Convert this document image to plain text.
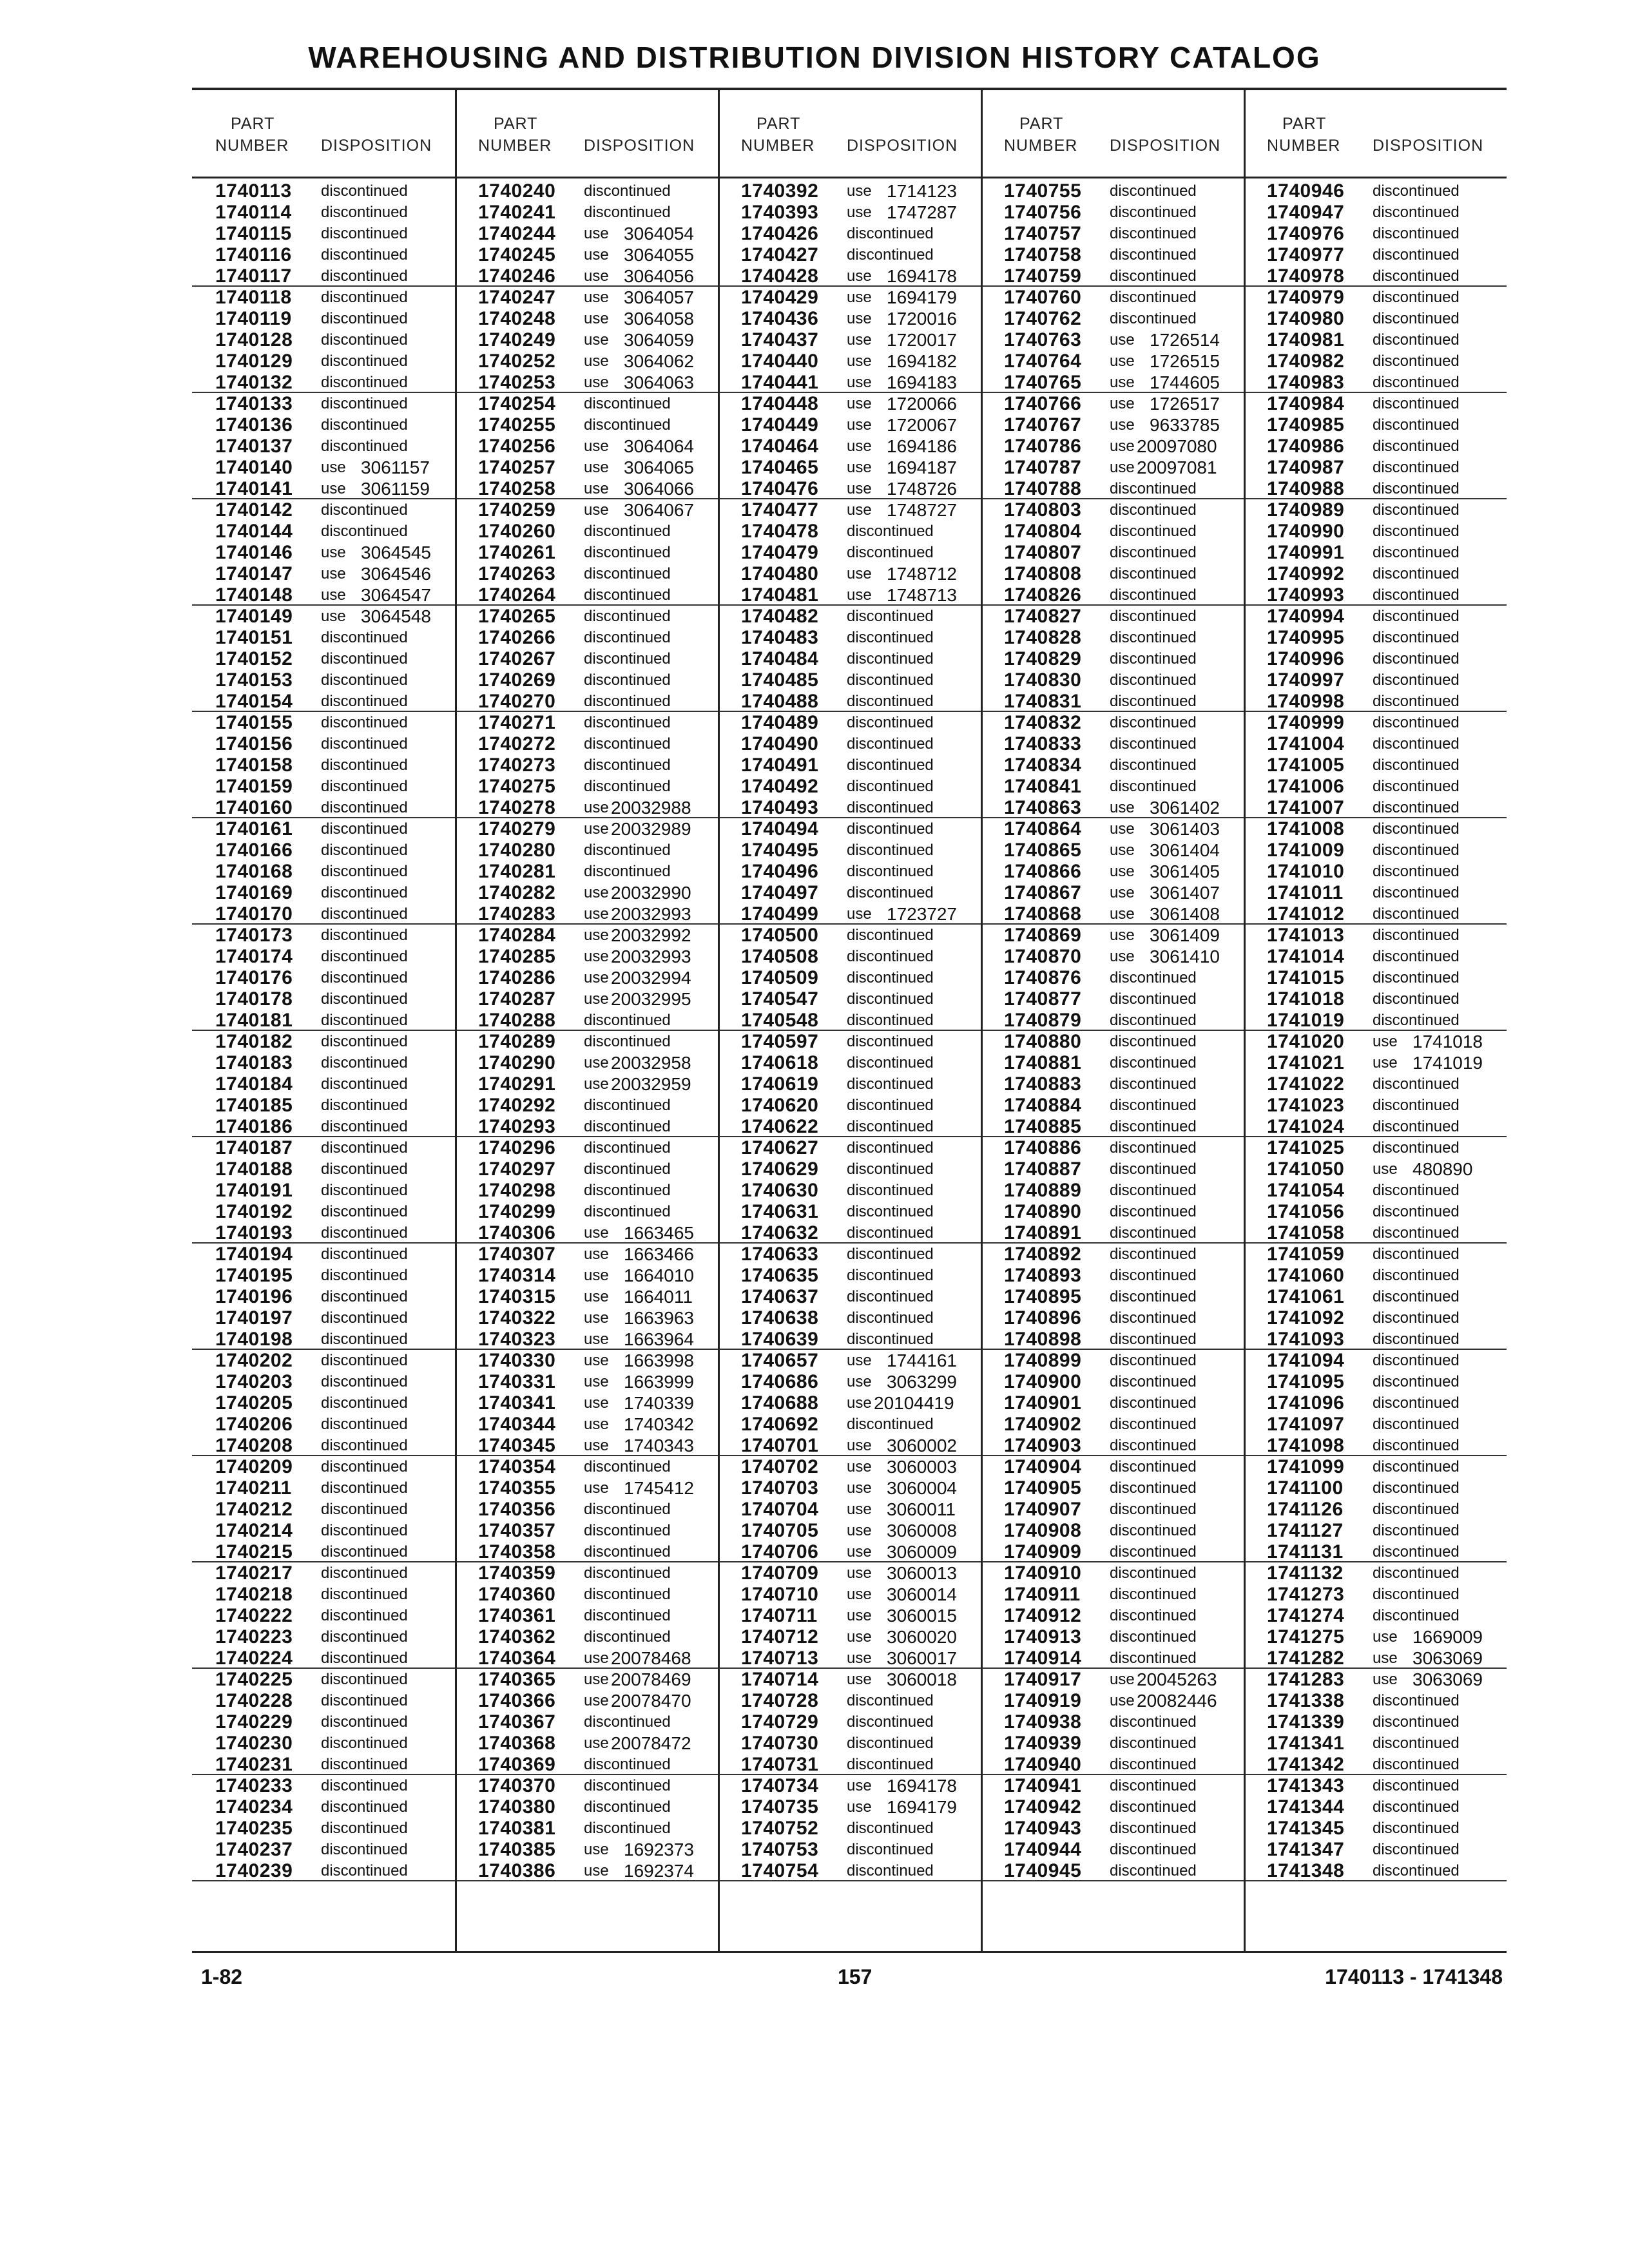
WAREHOUSING AND DISTRIBUTION DIVISION HISTORY CATALOG
PART
NUMBER DISPOSITION
1740113 discontinued
1740114 discontinued
1740115 discontinued
1740116 discontinued
1740117 discontinued
1740118 discontinued
1740119 discontinued
1740128 discontinued
1740129 discontinued
1740132 discontinued
1740133 discontinued
1740136 discontinued
1740137 discontinued
1740140 use 3061157
1740141 use 3061159
1740142 discontinued
1740144 discontinued
1740146 use 3064545
1740147 use 3064546
1740148 use 3064547
1740149 use 3064548
1740151 discontinued
1740152 discontinued
1740153 discontinued
1740154 discontinued
1740155 discontinued
1740156 discontinued
1740158 discontinued
1740159 discontinued
1740160 discontinued
1740161 discontinued
1740166 discontinued
1740168 discontinued
1740169 discontinued
1740170 discontinued
1740173 discontinued
1740174 discontinued
1740176 discontinued
1740178 discontinued
1740181 discontinued
1740182 discontinued
1740183 discontinued
1740184 discontinued
1740185 discontinued
1740186 discontinued
1740187 discontinued
1740188 discontinued
1740191 discontinued
1740192 discontinued
1740193 discontinued
1740194 discontinued
1740195 discontinued
1740196 discontinued
1740197 discontinued
1740198 discontinued
1740202 discontinued
1740203 discontinued
1740205 discontinued
1740206 discontinued
1740208 discontinued
1740209 discontinued
1740211 discontinued
1740212 discontinued
1740214 discontinued
1740215 discontinued
1740217 discontinued
1740218 discontinued
1740222 discontinued
1740223 discontinued
1740224 discontinued
1740225 discontinued
1740228 discontinued
1740229 discontinued
1740230 discontinued
1740231 discontinued
1740233 discontinued
1740234 discontinued
1740235 discontinued
1740237 discontinued
1740239 discontinued
PART
NUMBER DISPOSITION
1740240 discontinued
1740241 discontinued
1740244 use 3064054
1740245 use 3064055
1740246 use 3064056
1740247 use 3064057
1740248 use 3064058
1740249 use 3064059
1740252 use 3064062
1740253 use 3064063
1740254 discontinued
1740255 discontinued
1740256 use 3064064
1740257 use 3064065
1740258 use 3064066
1740259 use 3064067
1740260 discontinued
1740261 discontinued
1740263 discontinued
1740264 discontinued
1740265 discontinued
1740266 discontinued
1740267 discontinued
1740269 discontinued
1740270 discontinued
1740271 discontinued
1740272 discontinued
1740273 discontinued
1740275 discontinued
1740278 use 20032988
1740279 use 20032989
1740280 discontinued
1740281 discontinued
1740282 use 20032990
1740283 use 20032993
1740284 use 20032992
1740285 use 20032993
1740286 use 20032994
1740287 use 20032995
1740288 discontinued
1740289 discontinued
1740290 use 20032958
1740291 use 20032959
1740292 discontinued
1740293 discontinued
1740296 discontinued
1740297 discontinued
1740298 discontinued
1740299 discontinued
1740306 use 1663465
1740307 use 1663466
1740314 use 1664010
1740315 use 1664011
1740322 use 1663963
1740323 use 1663964
1740330 use 1663998
1740331 use 1663999
1740341 use 1740339
1740344 use 1740342
1740345 use 1740343
1740354 discontinued
1740355 use 1745412
1740356 discontinued
1740357 discontinued
1740358 discontinued
1740359 discontinued
1740360 discontinued
1740361 discontinued
1740362 discontinued
1740364 use 20078468
1740365 use 20078469
1740366 use 20078470
1740367 discontinued
1740368 use 20078472
1740369 discontinued
1740370 discontinued
1740380 discontinued
1740381 discontinued
1740385 use 1692373
1740386 use 1692374
PART
NUMBER DISPOSITION
1740392 use 1714123
1740393 use 1747287
1740426 discontinued
1740427 discontinued
1740428 use 1694178
1740429 use 1694179
1740436 use 1720016
1740437 use 1720017
1740440 use 1694182
1740441 use 1694183
1740448 use 1720066
1740449 use 1720067
1740464 use 1694186
1740465 use 1694187
1740476 use 1748726
1740477 use 1748727
1740478 discontinued
1740479 discontinued
1740480 use 1748712
1740481 use 1748713
1740482 discontinued
1740483 discontinued
1740484 discontinued
1740485 discontinued
1740488 discontinued
1740489 discontinued
1740490 discontinued
1740491 discontinued
1740492 discontinued
1740493 discontinued
1740494 discontinued
1740495 discontinued
1740496 discontinued
1740497 discontinued
1740499 use 1723727
1740500 discontinued
1740508 discontinued
1740509 discontinued
1740547 discontinued
1740548 discontinued
1740597 discontinued
1740618 discontinued
1740619 discontinued
1740620 discontinued
1740622 discontinued
1740627 discontinued
1740629 discontinued
1740630 discontinued
1740631 discontinued
1740632 discontinued
1740633 discontinued
1740635 discontinued
1740637 discontinued
1740638 discontinued
1740639 discontinued
1740657 use 1744161
1740686 use 3063299
1740688 use 20104419
1740692 discontinued
1740701 use 3060002
1740702 use 3060003
1740703 use 3060004
1740704 use 3060011
1740705 use 3060008
1740706 use 3060009
1740709 use 3060013
1740710 use 3060014
1740711 use 3060015
1740712 use 3060020
1740713 use 3060017
1740714 use 3060018
1740728 discontinued
1740729 discontinued
1740730 discontinued
1740731 discontinued
1740734 use 1694178
1740735 use 1694179
1740752 discontinued
1740753 discontinued
1740754 discontinued
PART
NUMBER DISPOSITION
1740755 discontinued
1740756 discontinued
1740757 discontinued
1740758 discontinued
1740759 discontinued
1740760 discontinued
1740762 discontinued
1740763 use 1726514
1740764 use 1726515
1740765 use 1744605
1740766 use 1726517
1740767 use 9633785
1740786 use 20097080
1740787 use 20097081
1740788 discontinued
1740803 discontinued
1740804 discontinued
1740807 discontinued
1740808 discontinued
1740826 discontinued
1740827 discontinued
1740828 discontinued
1740829 discontinued
1740830 discontinued
1740831 discontinued
1740832 discontinued
1740833 discontinued
1740834 discontinued
1740841 discontinued
1740863 use 3061402
1740864 use 3061403
1740865 use 3061404
1740866 use 3061405
1740867 use 3061407
1740868 use 3061408
1740869 use 3061409
1740870 use 3061410
1740876 discontinued
1740877 discontinued
1740879 discontinued
1740880 discontinued
1740881 discontinued
1740883 discontinued
1740884 discontinued
1740885 discontinued
1740886 discontinued
1740887 discontinued
1740889 discontinued
1740890 discontinued
1740891 discontinued
1740892 discontinued
1740893 discontinued
1740895 discontinued
1740896 discontinued
1740898 discontinued
1740899 discontinued
1740900 discontinued
1740901 discontinued
1740902 discontinued
1740903 discontinued
1740904 discontinued
1740905 discontinued
1740907 discontinued
1740908 discontinued
1740909 discontinued
1740910 discontinued
1740911 discontinued
1740912 discontinued
1740913 discontinued
1740914 discontinued
1740917 use 20045263
1740919 use 20082446
1740938 discontinued
1740939 discontinued
1740940 discontinued
1740941 discontinued
1740942 discontinued
1740943 discontinued
1740944 discontinued
1740945 discontinued
PART
NUMBER DISPOSITION
1740946 discontinued
1740947 discontinued
1740976 discontinued
1740977 discontinued
1740978 discontinued
1740979 discontinued
1740980 discontinued
1740981 discontinued
1740982 discontinued
1740983 discontinued
1740984 discontinued
1740985 discontinued
1740986 discontinued
1740987 discontinued
1740988 discontinued
1740989 discontinued
1740990 discontinued
1740991 discontinued
1740992 discontinued
1740993 discontinued
1740994 discontinued
1740995 discontinued
1740996 discontinued
1740997 discontinued
1740998 discontinued
1740999 discontinued
1741004 discontinued
1741005 discontinued
1741006 discontinued
1741007 discontinued
1741008 discontinued
1741009 discontinued
1741010 discontinued
1741011 discontinued
1741012 discontinued
1741013 discontinued
1741014 discontinued
1741015 discontinued
1741018 discontinued
1741019 discontinued
1741020 use 1741018
1741021 use 1741019
1741022 discontinued
1741023 discontinued
1741024 discontinued
1741025 discontinued
1741050 use 480890
1741054 discontinued
1741056 discontinued
1741058 discontinued
1741059 discontinued
1741060 discontinued
1741061 discontinued
1741092 discontinued
1741093 discontinued
1741094 discontinued
1741095 discontinued
1741096 discontinued
1741097 discontinued
1741098 discontinued
1741099 discontinued
1741100 discontinued
1741126 discontinued
1741127 discontinued
1741131 discontinued
1741132 discontinued
1741273 discontinued
1741274 discontinued
1741275 use 1669009
1741282 use 3063069
1741283 use 3063069
1741338 discontinued
1741339 discontinued
1741341 discontinued
1741342 discontinued
1741343 discontinued
1741344 discontinued
1741345 discontinued
1741347 discontinued
1741348 discontinued
1-82	157	1740113 - 1741348
